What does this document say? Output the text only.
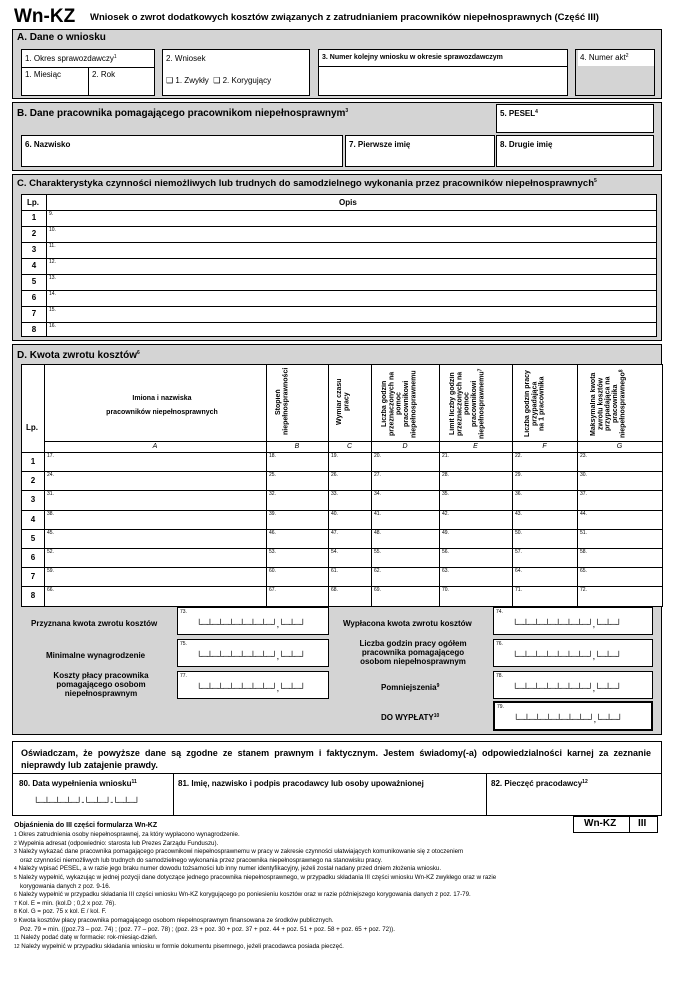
Wn-KZ Wniosek o zwrot dodatkowych kosztów związanych z zatrudnianiem pracowników niepełnosprawnych (Część III)
A. Dane o wniosku
1. Okres sprawozdawczy$^1$
1. Miesiąc	2. Rok
2. Wniosek
❑ 1. Zwykły ❑ 2. Korygujący
3. Numer kolejny wniosku w okresie sprawozdawczym	4. Numer akt$^2$
B. Dane pracownika pomagającego pracownikom niepełnosprawnym$^3$	5. PESEL$^4$
6. Nazwisko	7. Pierwsze imię	8. Drugie imię
C. Charakterystyka czynności niemożliwych lub trudnych do samodzielnego wykonania przez pracowników niepełnosprawnych$^5$
Lp.	Opis
1	9.
2	10.
3	11.
4	12.
5	13.
6	14.
7	15.
8	16.
D. Kwota zwrotu kosztów$^6$
Lp.
Imiona i nazwiska
pracowników niepełnosprawnych	Stopień niepełnosprawności	Wymiar czasu pracy	Liczba godzin przeznaczonych na pomoc pracownikowi niepełnosprawnemu	Limit liczby godzin przeznaczonych na pomoc pracownikowi niepełnosprawnemu$^7$
Liczba godzin pracy
przypadająca
na 1 pracownika	Maksymalna kwota zwrotu kosztów przypadająca na pracownika niepełnosprawnego$^8$
A	B	C	D	E	F	G
1
17.	18.	19.	20.	21.	22.	23.
2
24.	25.	26.	27.	28.	29.	30.
3
31.	32.	33.	34.	35.	36.	37.
4
38.	39.	40.	41.	42.	43.	44.
5
45.	46.	47.	48.	49.	50.	51.
6
52.	53.	54.	55.	56.	57.	58.
7
59.	60.	61.	62.	63.	64.	65.
8
66.	67.	68.	69.	70.	71.	72.
Przyznana kwota zwrotu kosztów
73.
└─┴─┴─┴─┴─┴─┴─┘,└─┴─┘
Minimalne wynagrodzenie
75.
└─┴─┴─┴─┴─┴─┴─┘,└─┴─┘
Koszty płacy pracownika
pomagającego osobom
niepełnosprawnym
77.
└─┴─┴─┴─┴─┴─┴─┘,└─┴─┘
Wypłacona kwota zwrotu kosztów
74.
└─┴─┴─┴─┴─┴─┴─┘,└─┴─┘
Liczba godzin pracy ogółem
pracownika pomagającego
osobom niepełnosprawnym
76.
└─┴─┴─┴─┴─┴─┴─┘,└─┴─┘
Pomniejszenia$^9$
78.
└─┴─┴─┴─┴─┴─┴─┘,└─┴─┘
DO WYPŁATY$^{10}$
79.
└─┴─┴─┴─┴─┴─┴─┘,└─┴─┘
Oświadczam, że powyższe dane są zgodne ze stanem prawnym i faktycznym. Jestem świadomy(-a) odpowiedzialności karnej za zeznanie nieprawdy lub zatajenie prawdy.
80. Data wypełnienia wniosku$^{11}$
└─┴─┴─┴─┘-└─┴─┘-└─┴─┘
81. Imię, nazwisko i podpis pracodawcy lub osoby upoważnionej	82. Pieczęć pracodawcy$^{12}$
Objaśnienia do III części formularza Wn-KZ	Wn-KZ III
$^1$ Okres zatrudnienia osoby niepełnosprawnej, za który wypłacono wynagrodzenie.
$^2$ Wypełnia adresat (odpowiednio: starosta lub Prezes Zarządu Funduszu).
$^3$ Należy wykazać dane pracownika pomagającego pracownikowi niepełnosprawnemu w pracy w zakresie czynności ułatwiających komunikowanie się z otoczeniem
oraz czynności niemożliwych lub trudnych do samodzielnego wykonania przez pracownika niepełnosprawnego na stanowisku pracy.
$^4$ Należy wpisać PESEL, a w razie jego braku numer dowodu tożsamości lub inny numer identyfikacyjny, jeżeli został nadany przed dniem złożenia wniosku.
$^5$ Należy wypełnić, wykazując w jednej pozycji dane dotyczące jednego pracownika niepełnosprawnego, w przypadku składania III części wniosku Wn-KZ zwykłego oraz w razie
korygowania danych z poz. 9-16.
$^6$ Należy wypełnić w przypadku składania III części wniosku Wn-KZ korygującego po poniesieniu kosztów oraz w razie późniejszego korygowania danych z poz. 17-79.
$^7$ Kol. E = min. (kol.D ; 0,2 x poz. 76).
$^8$ Kol. G = poz. 75 x kol. E / kol. F.
$^9$ Kwota kosztów płacy pracownika pomagającego osobom niepełnosprawnym finansowana ze środków publicznych.
Poz. 79 = min. ((poz.73 – poz. 74) ; (poz. 77 – poz. 78) ; (poz. 23 + poz. 30 + poz. 37 + poz. 44 + poz. 51 + poz. 58 + poz. 65 + poz. 72)).
$^{11}$ Należy podać datę w formacie: rok-miesiąc-dzień.
$^{12}$ Należy wypełnić w przypadku składania wniosku w formie dokumentu pisemnego, jeżeli pracodawca posiada pieczęć.
